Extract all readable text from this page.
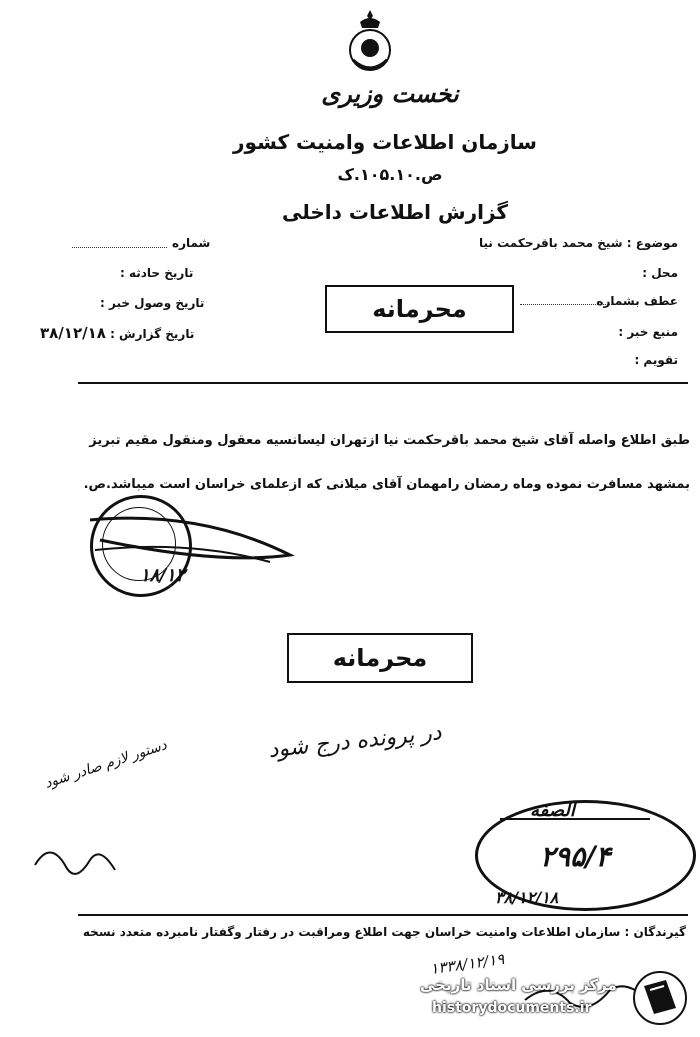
نخست وزیری
سازمان اطلاعات وامنیت کشور
ص.۱۰۵.۱۰.ک
گزارش اطلاعات داخلی
موضوع : شیخ محمد باقرحکمت نیا
محل :
عطف بشماره
منبع خبر :
تقویم :
شماره
تاریخ حادثه :
تاریخ وصول خبر :
تاریخ گزارش : ۳۸/۱۲/۱۸
محرمانه
طبق اطلاع واصله آقای شیخ محمد باقرحکمت نیا ازتهران لیسانسیه معقول ومنقول مقیم تبریز
بمشهد مسافرت نموده وماه رمضان رامهمان آقای میلانی که ازعلمای خراسان است میباشد.ص.
۱۸/۱۲
محرمانه
در پرونده درج شود
دستور لازم صادر شود
الصفه
۲۹۵/۴
۳۸/۱۲/۱۸
گیرندگان : سازمان اطلاعات وامنیت خراسان جهت اطلاع ومراقبت در رفتار وگفتار نامبرده متعدد نسخه
۱۳۳۸/۱۲/۱۹
مرکز بررسی اسناد تاریخی
historydocuments.ir
